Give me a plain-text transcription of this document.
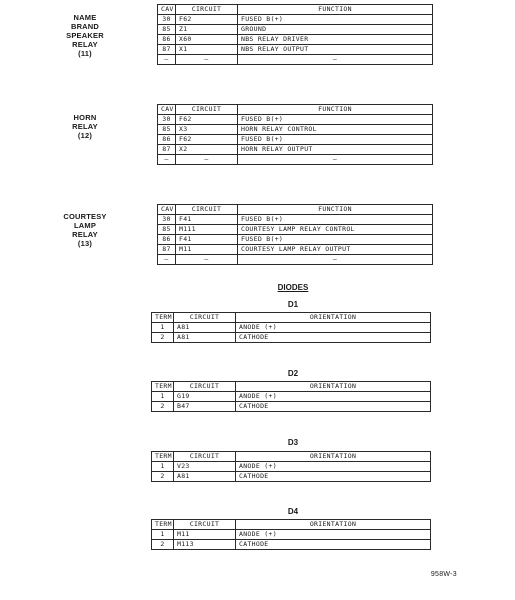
NAME
BRAND
SPEAKER
RELAY
(11)
CAV	CIRCUIT	FUNCTION
30	F62	FUSED B(+)
85	Z1	GROUND
86	X60	NBS RELAY DRIVER
87	X1	NBS RELAY OUTPUT
–	–	–
HORN
RELAY
(12)
CAV	CIRCUIT	FUNCTION
30	F62	FUSED B(+)
85	X3	HORN RELAY CONTROL
86	F62	FUSED B(+)
87	X2	HORN RELAY OUTPUT
–	–	–
COURTESY
LAMP
RELAY
(13)
CAV	CIRCUIT	FUNCTION
30	F41	FUSED B(+)
85	M111	COURTESY LAMP RELAY CONTROL
86	F41	FUSED B(+)
87	M11	COURTESY LAMP RELAY OUTPUT
–	–	–
DIODES
D1
TERM	CIRCUIT	ORIENTATION
1	A81	ANODE (+)
2	A81	CATHODE
D2
TERM	CIRCUIT	ORIENTATION
1	G19	ANODE (+)
2	B47	CATHODE
D3
TERM	CIRCUIT	ORIENTATION
1	V23	ANODE (+)
2	A81	CATHODE
D4
TERM	CIRCUIT	ORIENTATION
1	M11	ANODE (+)
2	M113	CATHODE
958W-3
